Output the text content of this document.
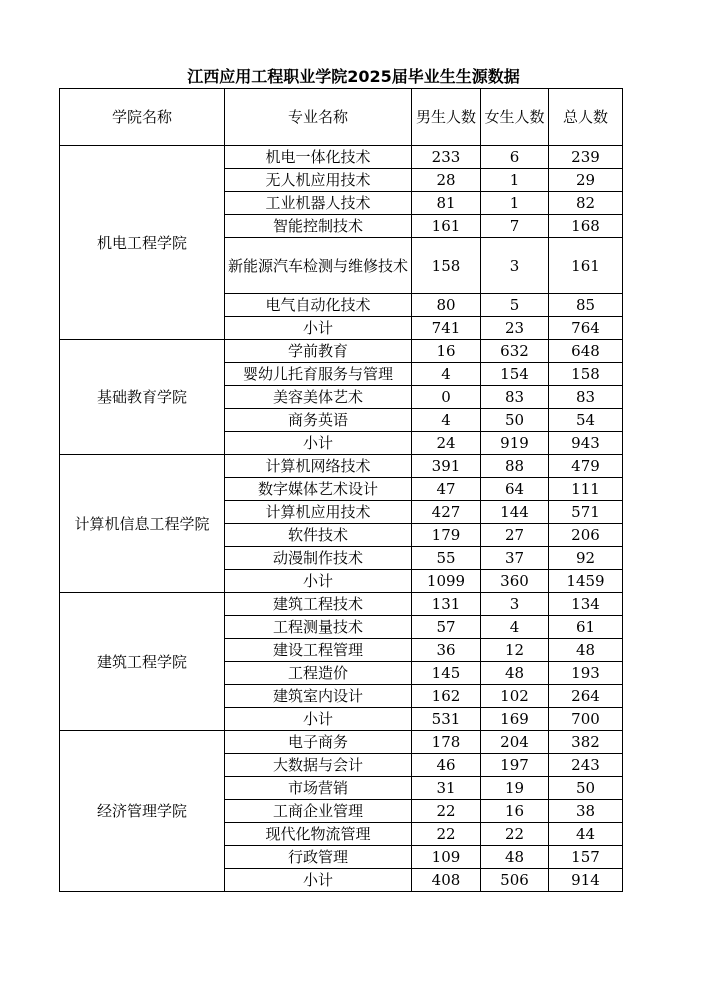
江西应用工程职业学院2025届毕业生生源数据
学院名称	专业名称	男生人数	女生人数	总人数
机电工程学院	机电一体化技术	233	6	239
	无人机应用技术	28	1	29
	工业机器人技术	81	1	82
	智能控制技术	161	7	168
	新能源汽车检测与维修技术	158	3	161
	电气自动化技术	80	5	85
	小计	741	23	764
基础教育学院	学前教育	16	632	648
	婴幼儿托育服务与管理	4	154	158
	美容美体艺术	0	83	83
	商务英语	4	50	54
	小计	24	919	943
计算机信息工程学院	计算机网络技术	391	88	479
	数字媒体艺术设计	47	64	111
	计算机应用技术	427	144	571
	软件技术	179	27	206
	动漫制作技术	55	37	92
	小计	1099	360	1459
建筑工程学院	建筑工程技术	131	3	134
	工程测量技术	57	4	61
	建设工程管理	36	12	48
	工程造价	145	48	193
	建筑室内设计	162	102	264
	小计	531	169	700
经济管理学院	电子商务	178	204	382
	大数据与会计	46	197	243
	市场营销	31	19	50
	工商企业管理	22	16	38
	现代化物流管理	22	22	44
	行政管理	109	48	157
	小计	408	506	914
